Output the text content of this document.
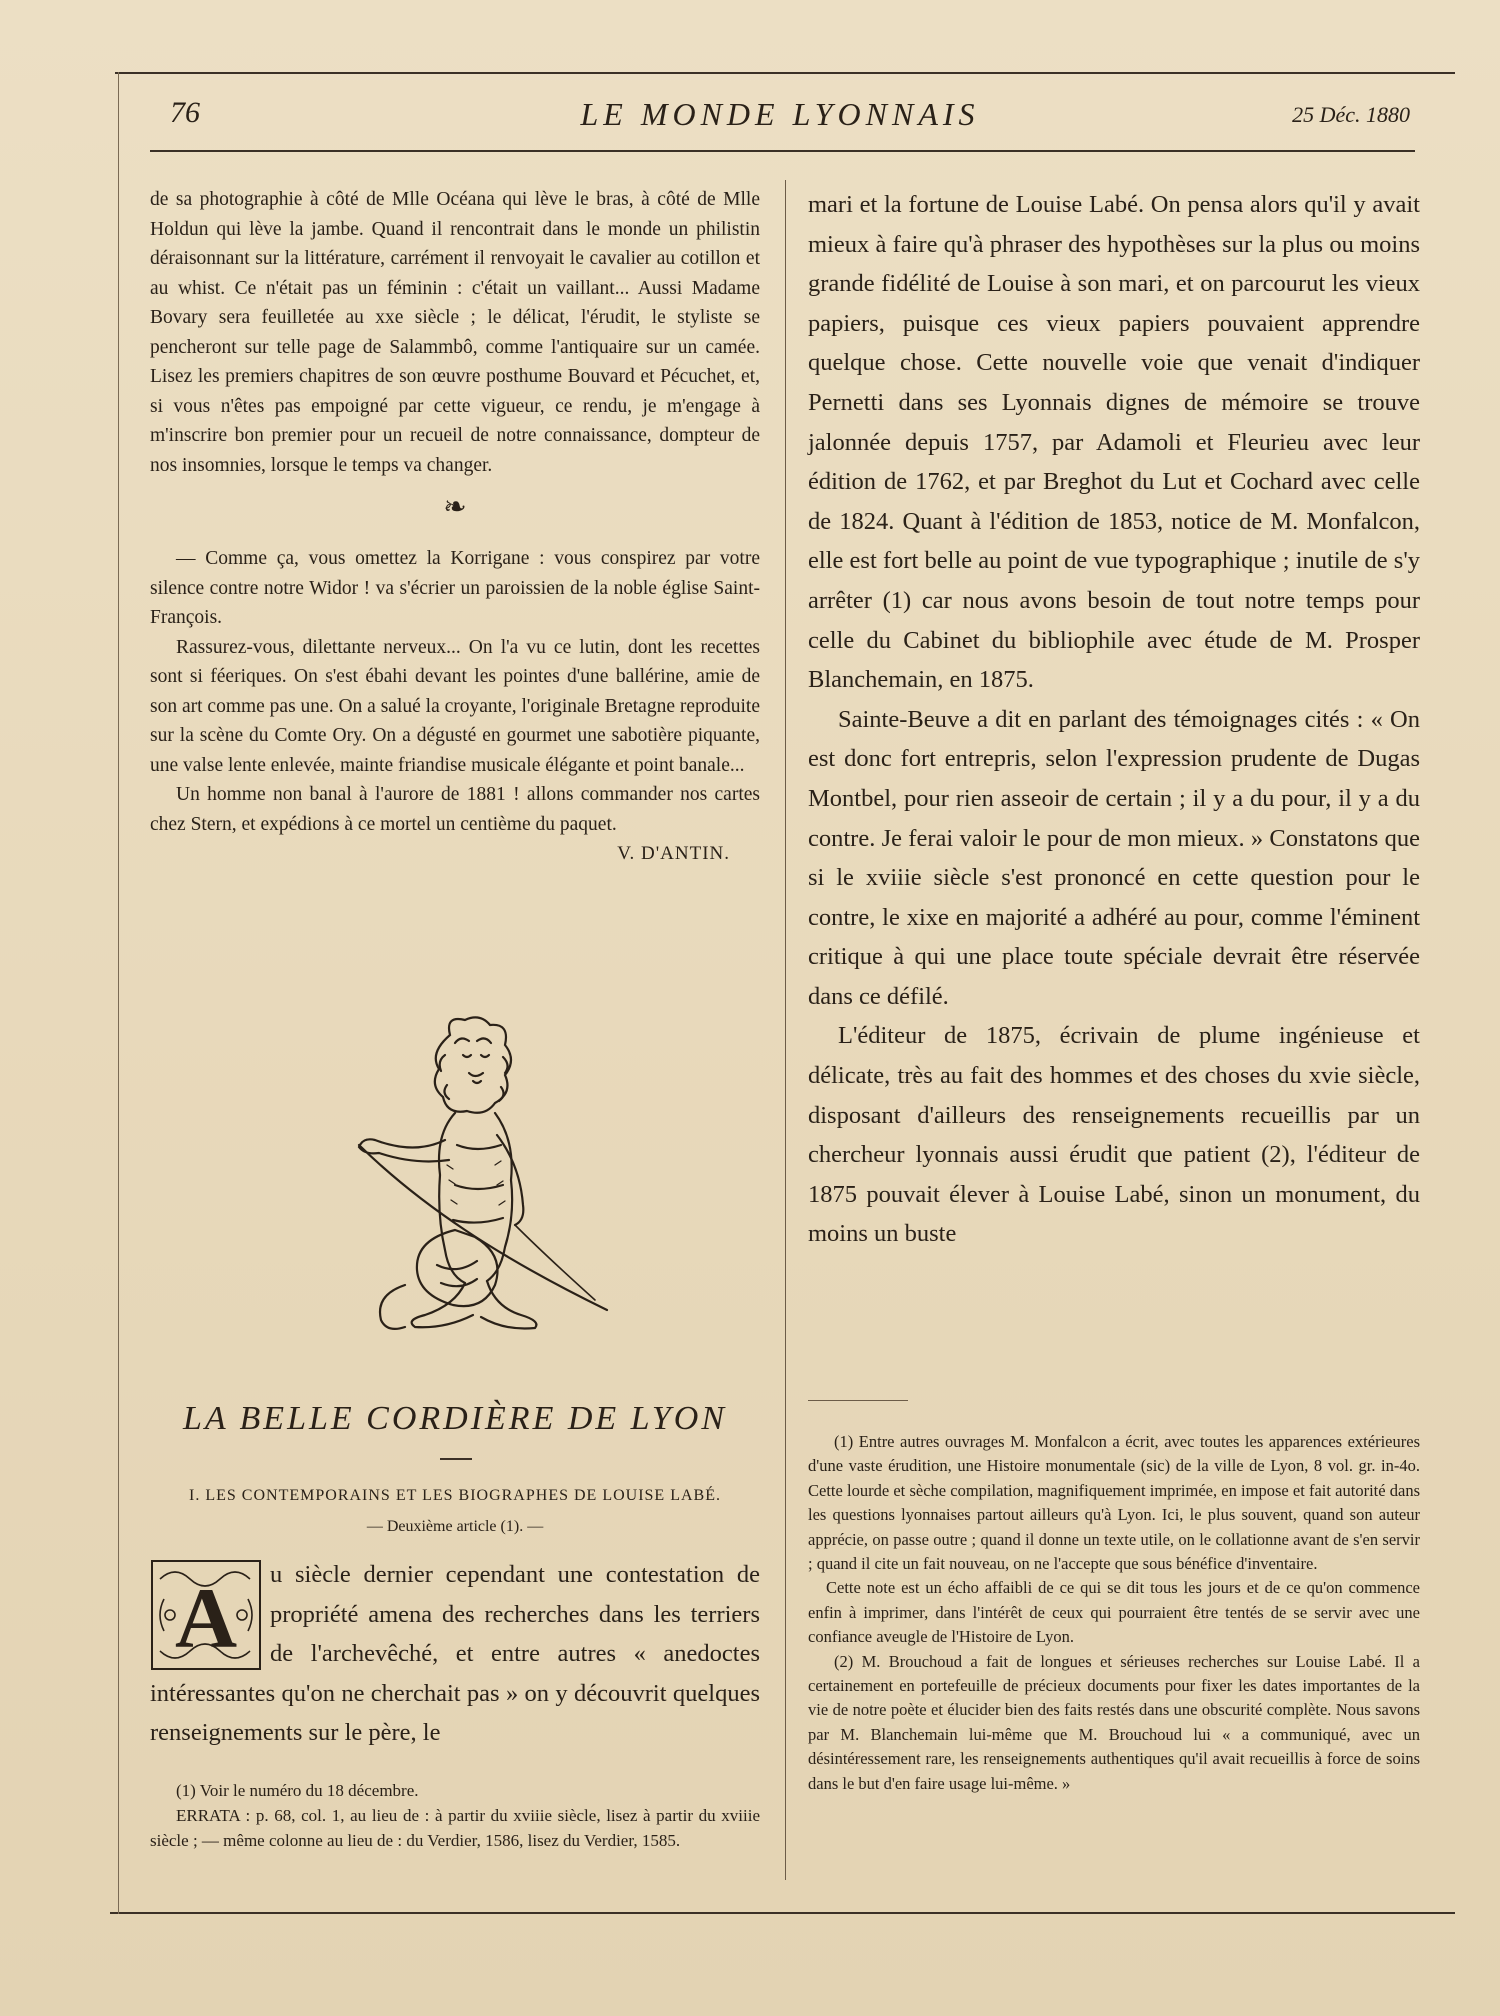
76	LE MONDE LYONNAIS	25 Déc. 1880

de sa photographie à côté de Mlle Océana qui lève le bras, à côté de Mlle Holdun qui lève la jambe. Quand il rencontrait dans le monde un philistin déraisonnant sur la littérature, carrément il renvoyait le cavalier au cotillon et au whist. Ce n'était pas un féminin : c'était un vaillant... Aussi Madame Bovary sera feuilletée au xxe siècle ; le délicat, l'érudit, le styliste se pencheront sur telle page de Salammbô, comme l'antiquaire sur un camée. Lisez les premiers chapitres de son œuvre posthume Bouvard et Pécuchet, et, si vous n'êtes pas empoigné par cette vigueur, ce rendu, je m'engage à m'inscrire bon premier pour un recueil de notre connaissance, dompteur de nos insomnies, lorsque le temps va changer.

❧

— Comme ça, vous omettez la Korrigane : vous conspirez par votre silence contre notre Widor ! va s'écrier un paroissien de la noble église Saint-François.

Rassurez-vous, dilettante nerveux... On l'a vu ce lutin, dont les recettes sont si féeriques. On s'est ébahi devant les pointes d'une ballérine, amie de son art comme pas une. On a salué la croyante, l'originale Bretagne reproduite sur la scène du Comte Ory. On a dégusté en gourmet une sabotière piquante, une valse lente enlevée, mainte friandise musicale élégante et point banale...

Un homme non banal à l'aurore de 1881 ! allons commander nos cartes chez Stern, et expédions à ce mortel un centième du paquet.

V. D'ANTIN.
LA BELLE CORDIÈRE DE LYON
I. LES CONTEMPORAINS ET LES BIOGRAPHES DE LOUISE LABÉ.
— Deuxième article (1). —
A	u siècle dernier cependant une contestation de propriété amena des recherches dans les terriers de l'archevêché, et entre autres « anedoctes intéressantes qu'on ne cherchait pas » on y découvrit quelques renseignements sur le père, le

(1) Voir le numéro du 18 décembre.

ERRATA : p. 68, col. 1, au lieu de : à partir du xviiie siècle, lisez à partir du xviiie siècle ; — même colonne au lieu de : du Verdier, 1586, lisez du Verdier, 1585.

mari et la fortune de Louise Labé. On pensa alors qu'il y avait mieux à faire qu'à phraser des hypothèses sur la plus ou moins grande fidélité de Louise à son mari, et on parcourut les vieux papiers, puisque ces vieux papiers pouvaient apprendre quelque chose. Cette nouvelle voie que venait d'indiquer Pernetti dans ses Lyonnais dignes de mémoire se trouve jalonnée depuis 1757, par Adamoli et Fleurieu avec leur édition de 1762, et par Breghot du Lut et Cochard avec celle de 1824. Quant à l'édition de 1853, notice de M. Monfalcon, elle est fort belle au point de vue typographique ; inutile de s'y arrêter (1) car nous avons besoin de tout notre temps pour celle du Cabinet du bibliophile avec étude de M. Prosper Blanchemain, en 1875.

Sainte-Beuve a dit en parlant des témoignages cités : « On est donc fort entrepris, selon l'expression prudente de Dugas Montbel, pour rien asseoir de certain ; il y a du pour, il y a du contre. Je ferai valoir le pour de mon mieux. » Constatons que si le xviiie siècle s'est prononcé en cette question pour le contre, le xixe en majorité a adhéré au pour, comme l'éminent critique à qui une place toute spéciale devrait être réservée dans ce défilé.

L'éditeur de 1875, écrivain de plume ingénieuse et délicate, très au fait des hommes et des choses du xvie siècle, disposant d'ailleurs des renseignements recueillis par un chercheur lyonnais aussi érudit que patient (2), l'éditeur de 1875 pouvait élever à Louise Labé, sinon un monument, du moins un buste

(1) Entre autres ouvrages M. Monfalcon a écrit, avec toutes les apparences extérieures d'une vaste érudition, une Histoire monumentale (sic) de la ville de Lyon, 8 vol. gr. in-4o. Cette lourde et sèche compilation, magnifiquement imprimée, en impose et fait autorité dans les questions lyonnaises partout ailleurs qu'à Lyon. Ici, le plus souvent, quand son auteur apprécie, on passe outre ; quand il donne un texte utile, on le collationne avant de s'en servir ; quand il cite un fait nouveau, on ne l'accepte que sous bénéfice d'inventaire.

Cette note est un écho affaibli de ce qui se dit tous les jours et de ce qu'on commence enfin à imprimer, dans l'intérêt de ceux qui pourraient être tentés de se servir avec une confiance aveugle de l'Histoire de Lyon.

(2) M. Brouchoud a fait de longues et sérieuses recherches sur Louise Labé. Il a certainement en portefeuille de précieux documents pour fixer les dates importantes de la vie de notre poète et élucider bien des faits restés dans une obscurité complète. Nous savons par M. Blanchemain lui-même que M. Brouchoud lui « a communiqué, avec un désintéressement rare, les renseignements authentiques qu'il avait recueillis à force de soins dans le but d'en faire usage lui-même. »
